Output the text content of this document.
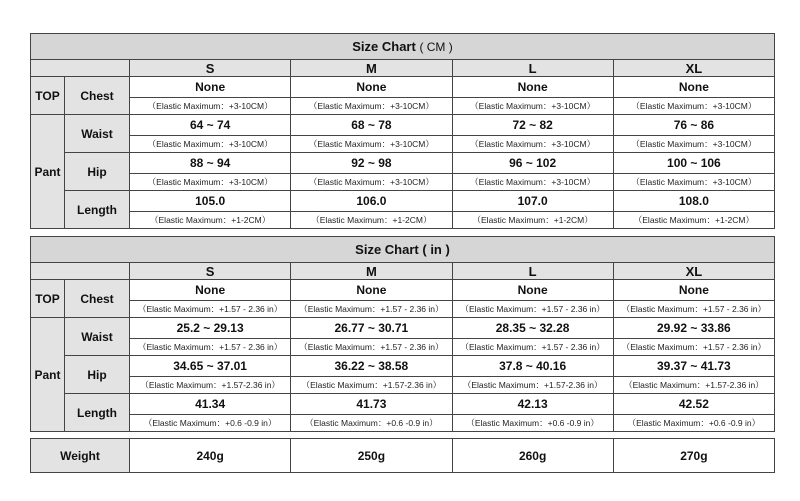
Size Chart ( CM )					
		S	M	L	XL
TOP	Chest	None	None	None	None
		（Elastic Maximum：+3-10CM）	（Elastic Maximum：+3-10CM）	（Elastic Maximum：+3-10CM）	（Elastic Maximum：+3-10CM）
Pant	Waist	64 ~ 74	68 ~ 78	72 ~ 82	76 ~ 86
		（Elastic Maximum：+3-10CM）	（Elastic Maximum：+3-10CM）	（Elastic Maximum：+3-10CM）	（Elastic Maximum：+3-10CM）
	Hip	88 ~ 94	92 ~ 98	96 ~ 102	100 ~ 106
		（Elastic Maximum：+3-10CM）	（Elastic Maximum：+3-10CM）	（Elastic Maximum：+3-10CM）	（Elastic Maximum：+3-10CM）
	Length	105.0	106.0	107.0	108.0
		（Elastic Maximum：+1-2CM）	（Elastic Maximum：+1-2CM）	（Elastic Maximum：+1-2CM）	（Elastic Maximum：+1-2CM）
Size Chart ( in )					
		S	M	L	XL
TOP	Chest	None	None	None	None
		（Elastic Maximum：+1.57 - 2.36 in）	（Elastic Maximum：+1.57 - 2.36 in）	（Elastic Maximum：+1.57 - 2.36 in）	（Elastic Maximum：+1.57 - 2.36 in）
Pant	Waist	25.2 ~ 29.13	26.77 ~ 30.71	28.35 ~ 32.28	29.92 ~ 33.86
		（Elastic Maximum：+1.57 - 2.36 in）	（Elastic Maximum：+1.57 - 2.36 in）	（Elastic Maximum：+1.57 - 2.36 in）	（Elastic Maximum：+1.57 - 2.36 in）
	Hip	34.65 ~ 37.01	36.22 ~ 38.58	37.8 ~ 40.16	39.37 ~ 41.73
		（Elastic Maximum：+1.57-2.36 in）	（Elastic Maximum：+1.57-2.36 in）	（Elastic Maximum：+1.57-2.36 in）	（Elastic Maximum：+1.57-2.36 in）
	Length	41.34	41.73	42.13	42.52
		（Elastic Maximum：+0.6 -0.9 in）	（Elastic Maximum：+0.6 -0.9 in）	（Elastic Maximum：+0.6 -0.9 in）	（Elastic Maximum：+0.6 -0.9 in）
Weight	240g	250g	260g	270g
